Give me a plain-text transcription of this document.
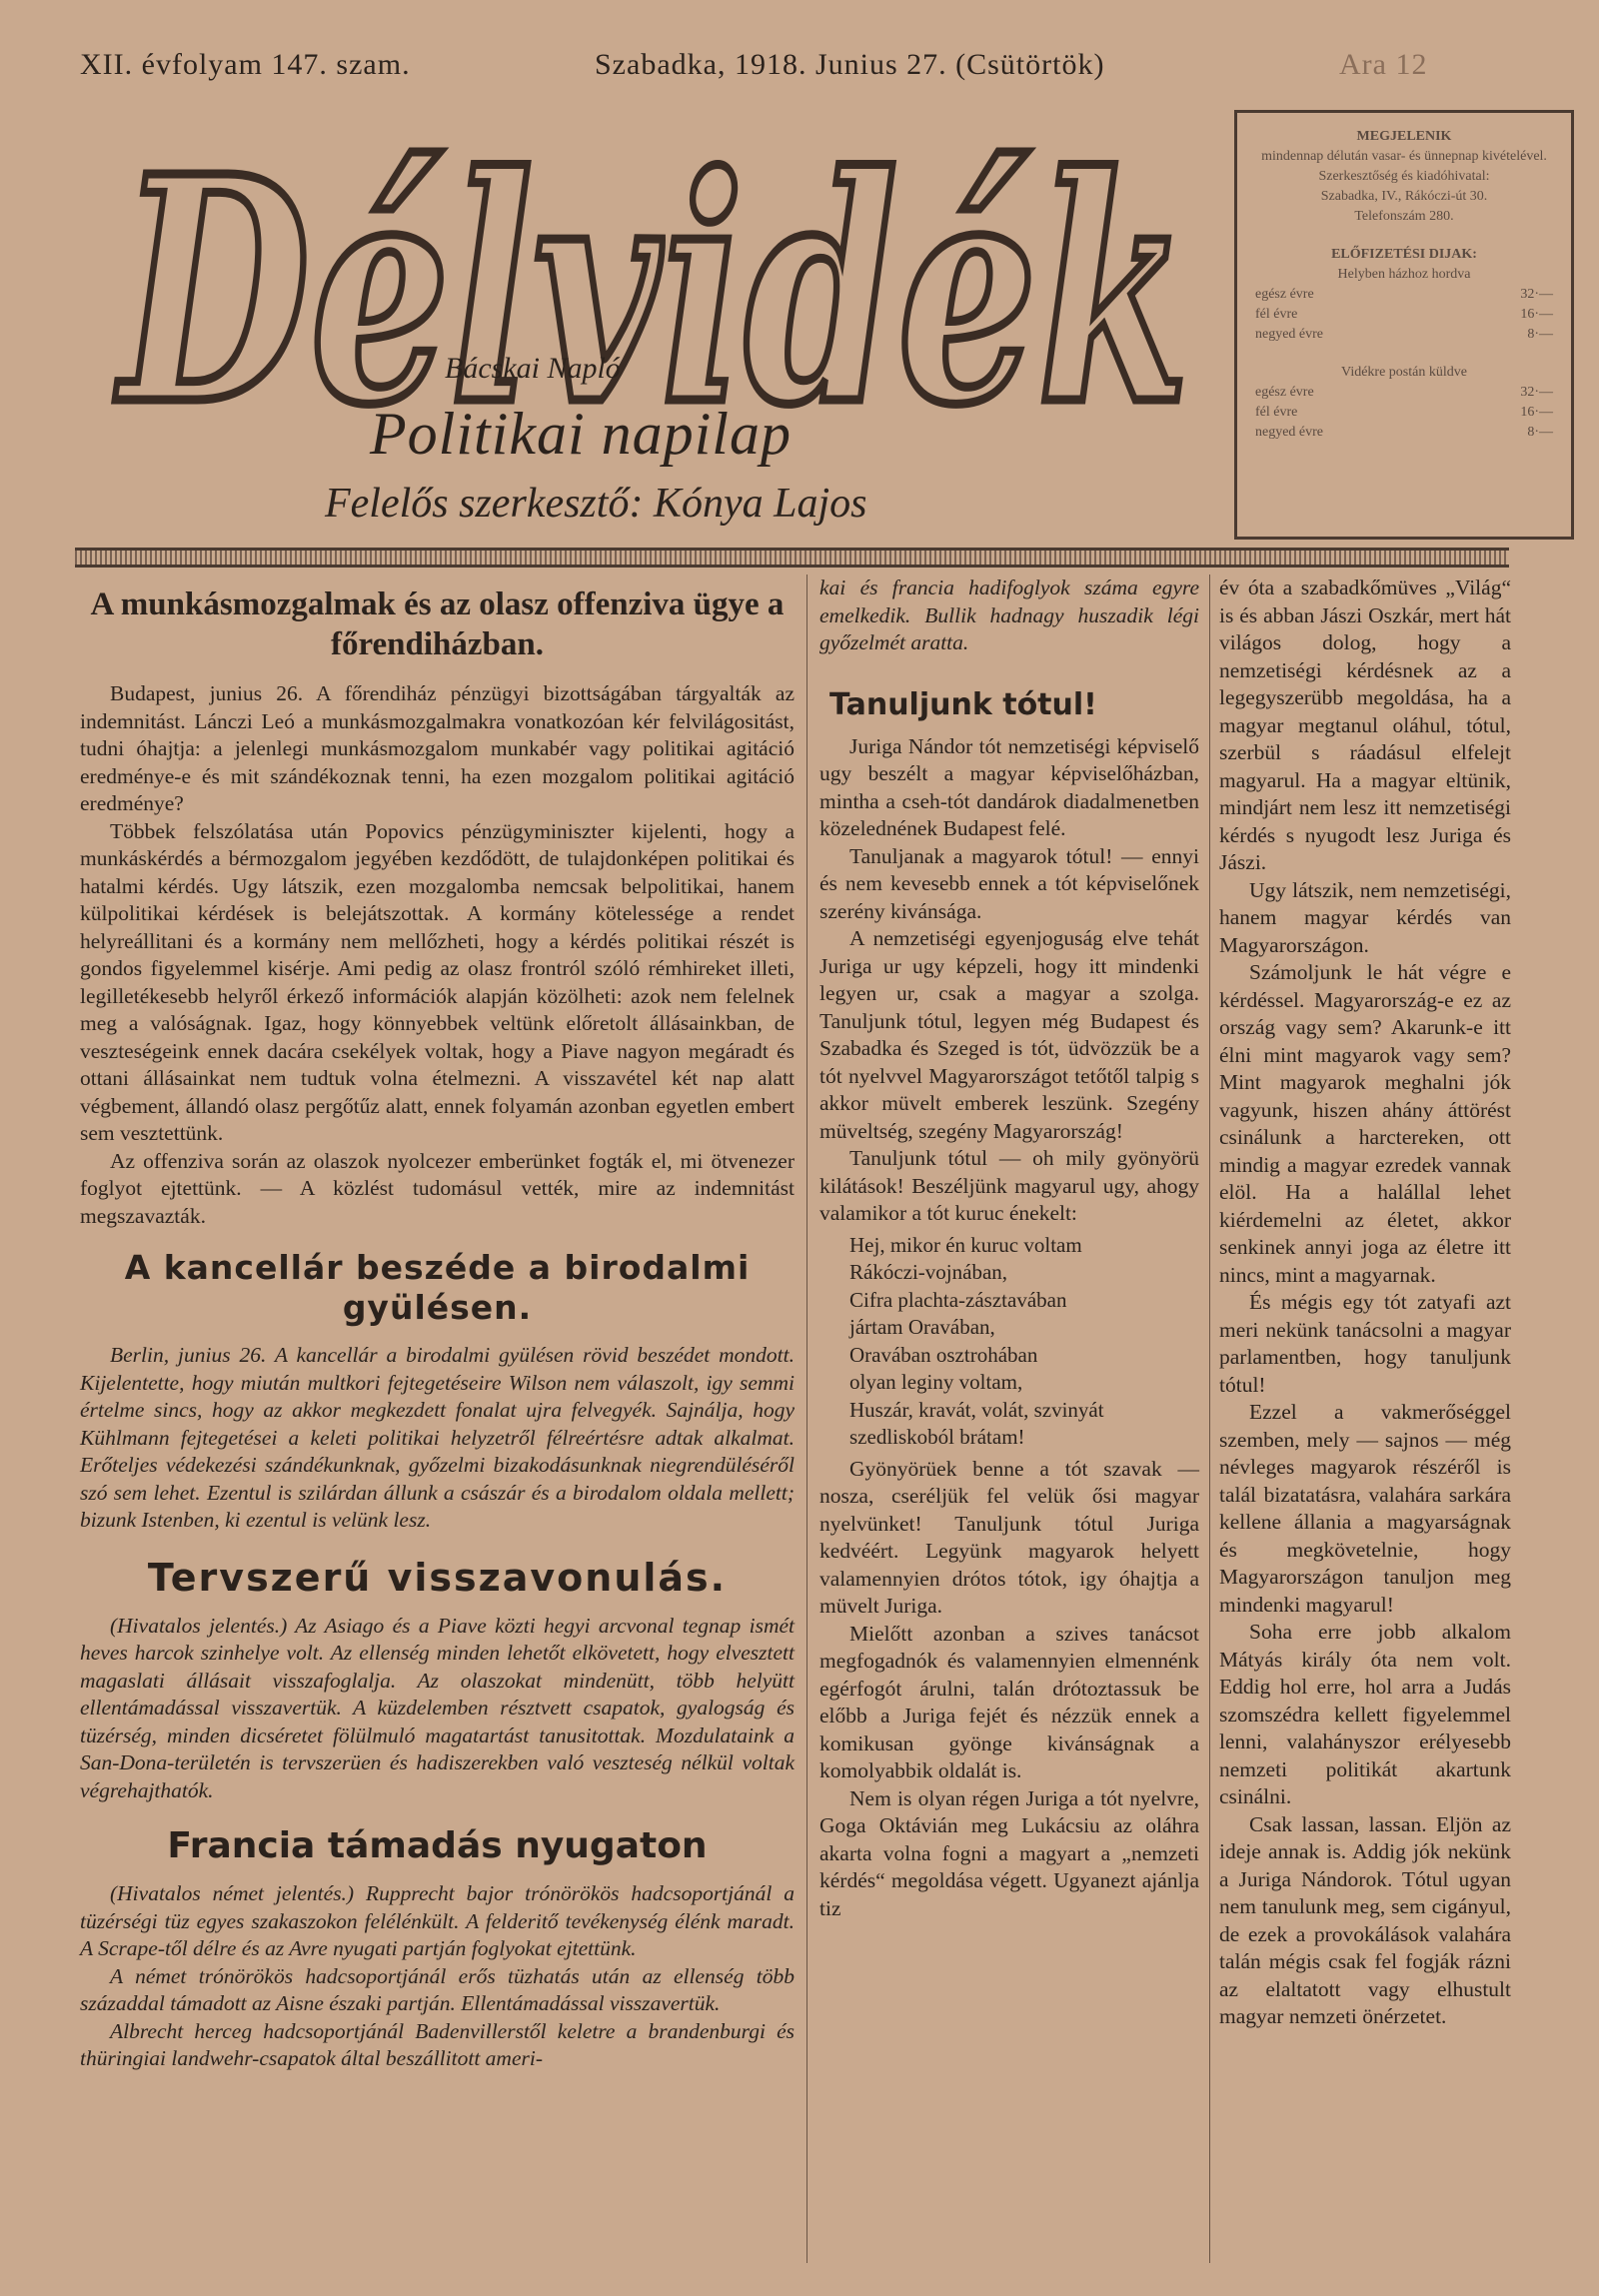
XII. évfolyam 147. szam.	Szabadka, 1918. Junius 27. (Csütörtök)	Ara 12
Délvidék
Bácskai Napló
Politikai napilap
Felelős szerkesztő: Kónya Lajos
MEGJELENIK
mindennap délután vasar- és ünnepnap kivételével.
Szerkesztőség és kiadóhivatal:
Szabadka, IV., Rákóczi-út 30.
Telefonszám 280.
ELŐFIZETÉSI DIJAK:
Helyben házhoz hordva
egész évre	32·—
fél évre	16·—
negyed évre	8·—
Vidékre postán küldve
egész évre	32·—
fél évre	16·—
negyed évre	8·—
A munkásmozgalmak és az olasz offenziva ügye a főrendiházban.

Budapest, junius 26. A főrendiház pénzügyi bizottságában tárgyalták az indemnitást. Lánczi Leó a munkásmozgalmakra vonatkozóan kér felvilágositást, tudni óhajtja: a jelenlegi munkásmozgalom munkabér vagy politikai agitáció eredménye-e és mit szándékoznak tenni, ha ezen mozgalom politikai agitáció eredménye?

Többek felszólatása után Popovics pénzügyminiszter kijelenti, hogy a munkáskérdés a bérmozgalom jegyében kezdődött, de tulajdonképen politikai és hatalmi kérdés. Ugy látszik, ezen mozgalomba nemcsak belpolitikai, hanem külpolitikai kérdések is belejátszottak. A kormány kötelessége a rendet helyreállitani és a kormány nem mellőzheti, hogy a kérdés politikai részét is gondos figyelemmel kisérje. Ami pedig az olasz frontról szóló rémhireket illeti, legilletékesebb helyről érkező információk alapján közölheti: azok nem felelnek meg a valóságnak. Igaz, hogy könnyebbek veltünk előretolt állásainkban, de veszteségeink ennek dacára csekélyek voltak, hogy a Piave nagyon megáradt és ottani állásainkat nem tudtuk volna ételmezni. A visszavétel két nap alatt végbement, állandó olasz pergőtűz alatt, ennek folyamán azonban egyetlen embert sem vesztettünk.

Az offenziva során az olaszok nyolcezer emberünket fogták el, mi ötvenezer foglyot ejtettünk. — A közlést tudomásul vették, mire az indemnitást megszavazták.

A kancellár beszéde a birodalmi gyülésen.

Berlin, junius 26. A kancellár a birodalmi gyülésen rövid beszédet mondott. Kijelentette, hogy miután multkori fejtegetéseire Wilson nem válaszolt, igy semmi értelme sincs, hogy az akkor megkezdett fonalat ujra felvegyék. Sajnálja, hogy Kühlmann fejtegetései a keleti politikai helyzetről félreértésre adtak alkalmat. Erőteljes védekezési szándékunknak, győzelmi bizakodásunknak niegrendüléséről szó sem lehet. Ezentul is szilárdan állunk a császár és a birodalom oldala mellett; bizunk Istenben, ki ezentul is velünk lesz.

Tervszerű visszavonulás.

(Hivatalos jelentés.) Az Asiago és a Piave közti hegyi arcvonal tegnap ismét heves harcok szinhelye volt. Az ellenség minden lehetőt elkövetett, hogy elvesztett magaslati állásait visszafoglalja. Az olaszokat mindenütt, több helyütt ellentámadással visszavertük. A küzdelemben résztvett csapatok, gyalogság és tüzérség, minden dicséretet fölülmuló magatartást tanusitottak. Mozdulataink a San-Dona-területén is tervszerüen és hadiszerekben való veszteség nélkül voltak végrehajthatók.

Francia támadás nyugaton

(Hivatalos német jelentés.) Rupprecht bajor trónörökös hadcsoportjánál a tüzérségi tüz egyes szakaszokon felélénkült. A felderitő tevékenység élénk maradt. A Scrape-től délre és az Avre nyugati partján foglyokat ejtettünk.

A német trónörökös hadcsoportjánál erős tüzhatás után az ellenség több századdal támadott az Aisne északi partján. Ellentámadással visszavertük.

Albrecht herceg hadcsoportjánál Badenvillerstől keletre a brandenburgi és thüringiai landwehr-csapatok által beszállitott ameri-

kai és francia hadifoglyok száma egyre emelkedik. Bullik hadnagy huszadik légi győzelmét aratta.

Tanuljunk tótul!

Juriga Nándor tót nemzetiségi képviselő ugy beszélt a magyar képviselőházban, mintha a cseh-tót dandárok diadalmenetben közelednének Budapest felé.

Tanuljanak a magyarok tótul! — ennyi és nem kevesebb ennek a tót képviselőnek szerény kivánsága.

A nemzetiségi egyenjoguság elve tehát Juriga ur ugy képzeli, hogy itt mindenki legyen ur, csak a magyar a szolga. Tanuljunk tótul, legyen még Budapest és Szabadka és Szeged is tót, üdvözzük be a tót nyelvvel Magyarországot tetőtől talpig s akkor müvelt emberek leszünk. Szegény müveltség, szegény Magyarország!

Tanuljunk tótul — oh mily gyönyörü kilátások! Beszéljünk magyarul ugy, ahogy valamikor a tót kuruc énekelt:

Hej, mikor én kuruc voltam
Rákóczi-vojnában,
Cifra plachta-zásztavában
jártam Oravában,
Oravában osztrohában
olyan leginy voltam,
Huszár, kravát, volát, szvinyát
szedliskoból brátam!

Gyönyörüek benne a tót szavak — nosza, cseréljük fel velük ősi magyar nyelvünket! Tanuljunk tótul Juriga kedvéért. Legyünk magyarok helyett valamennyien drótos tótok, igy óhajtja a müvelt Juriga.

Mielőtt azonban a szives tanácsot megfogadnók és valamennyien elmennénk egérfogót árulni, talán drótoztassuk be előbb a Juriga fejét és nézzük ennek a komikusan gyönge kivánságnak a komolyabbik oldalát is.

Nem is olyan régen Juriga a tót nyelvre, Goga Oktávián meg Lukácsiu az oláhra akarta volna fogni a magyart a „nemzeti kérdés“ megoldása végett. Ugyanezt ajánlja tiz

év óta a szabadkőmüves „Világ“ is és abban Jászi Oszkár, mert hát világos dolog, hogy a nemzetiségi kérdésnek az a legegyszerübb megoldása, ha a magyar megtanul oláhul, tótul, szerbül s ráadásul elfelejt magyarul. Ha a magyar eltünik, mindjárt nem lesz itt nemzetiségi kérdés s nyugodt lesz Juriga és Jászi.

Ugy látszik, nem nemzetiségi, hanem magyar kérdés van Magyarországon.

Számoljunk le hát végre e kérdéssel. Magyarország-e ez az ország vagy sem? Akarunk-e itt élni mint magyarok vagy sem? Mint magyarok meghalni jók vagyunk, hiszen ahány áttörést csinálunk a harctereken, ott mindig a magyar ezredek vannak elöl. Ha a halállal lehet kiérdemelni az életet, akkor senkinek annyi joga az életre itt nincs, mint a magyarnak.

És mégis egy tót zatyafi azt meri nekünk tanácsolni a magyar parlamentben, hogy tanuljunk tótul!

Ezzel a vakmerőséggel szemben, mely — sajnos — még névleges magyarok részéről is talál bizatatásra, valahára sarkára kellene állania a magyarságnak és megkövetelnie, hogy Magyarországon tanuljon meg mindenki magyarul!

Soha erre jobb alkalom Mátyás király óta nem volt. Eddig hol erre, hol arra a Judás szomszédra kellett figyelemmel lenni, valahányszor erélyesebb nemzeti politikát akartunk csinálni.

Csak lassan, lassan. Eljön az ideje annak is. Addig jók nekünk a Juriga Nándorok. Tótul ugyan nem tanulunk meg, sem cigányul, de ezek a provokálások valahára talán mégis csak fel fogják rázni az elaltatott vagy elhustult magyar nemzeti önérzetet.
